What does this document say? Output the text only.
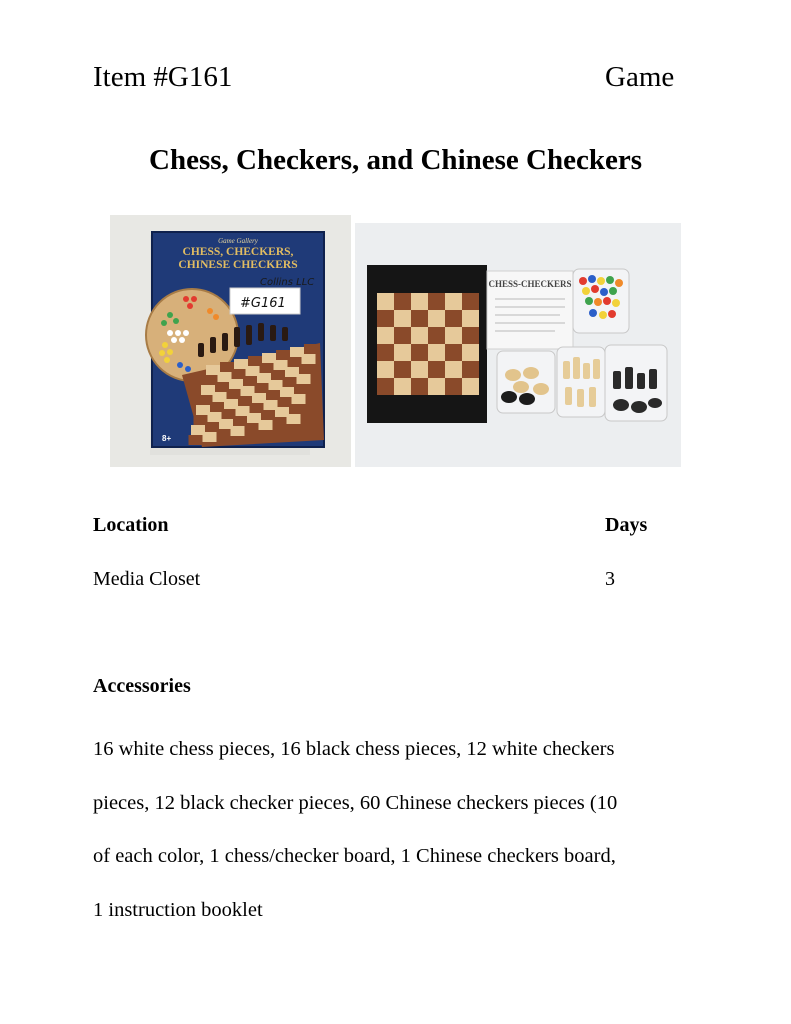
Item #G161	Game
Chess, Checkers, and Chinese Checkers
Game Gallery
CHESS, CHECKERS,
CHINESE CHECKERS
Collins LLC
#G161
8+
CHESS-CHECKERS
Location	Days
Media Closet	3
Accessories
16 white chess pieces, 16 black chess pieces, 12 white checkers
pieces, 12 black checker pieces, 60 Chinese checkers pieces (10
of each color, 1 chess/checker board, 1 Chinese checkers board,
1 instruction booklet
